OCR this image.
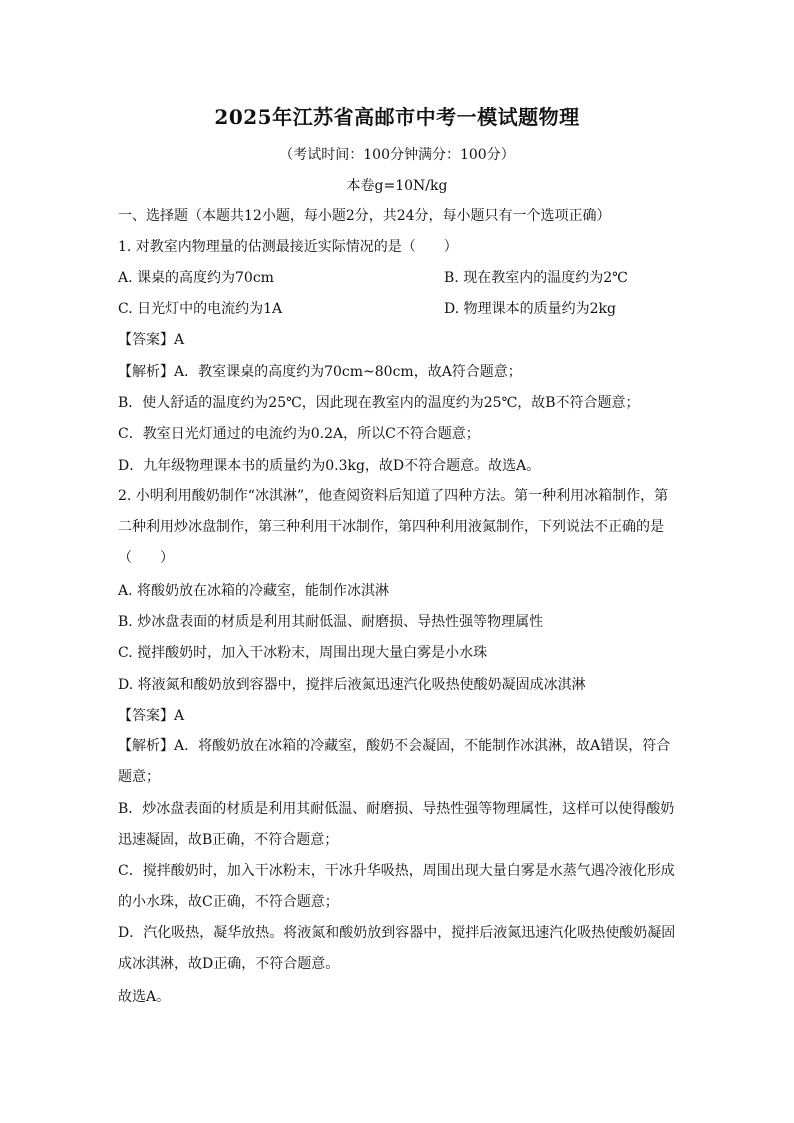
2025年江苏省高邮市中考一模试题物理
（考试时间：100分钟满分：100分）
本卷g=10N/kg
一、选择题（本题共12小题，每小题2分，共24分，每小题只有一个选项正确）
1. 对教室内物理量的估测最接近实际情况的是（　　）
A. 课桌的高度约为70cm	B. 现在教室内的温度约为2℃
C. 日光灯中的电流约为1A	D. 物理课本的质量约为2kg
【答案】A
【解析】A．教室课桌的高度约为70cm~80cm，故A符合题意；
B．使人舒适的温度约为25℃，因此现在教室内的温度约为25℃，故B不符合题意；
C．教室日光灯通过的电流约为0.2A，所以C不符合题意；
D．九年级物理课本书的质量约为0.3kg，故D不符合题意。故选A。
2. 小明利用酸奶制作“冰淇淋”，他查阅资料后知道了四种方法。第一种利用冰箱制作，第二种利用炒冰盘制作，第三种利用干冰制作，第四种利用液氮制作，下列说法不正确的是（　　）
A. 将酸奶放在冰箱的冷藏室，能制作冰淇淋
B. 炒冰盘表面的材质是利用其耐低温、耐磨损、导热性强等物理属性
C. 搅拌酸奶时，加入干冰粉末，周围出现大量白雾是小水珠
D. 将液氮和酸奶放到容器中，搅拌后液氮迅速汽化吸热使酸奶凝固成冰淇淋
【答案】A
【解析】A．将酸奶放在冰箱的冷藏室，酸奶不会凝固，不能制作冰淇淋，故A错误，符合题意；
B．炒冰盘表面的材质是利用其耐低温、耐磨损、导热性强等物理属性，这样可以使得酸奶迅速凝固，故B正确，不符合题意；
C．搅拌酸奶时，加入干冰粉末，干冰升华吸热，周围出现大量白雾是水蒸气遇冷液化形成的小水珠，故C正确，不符合题意；
D．汽化吸热，凝华放热。将液氮和酸奶放到容器中，搅拌后液氮迅速汽化吸热使酸奶凝固成冰淇淋，故D正确，不符合题意。
故选A。
